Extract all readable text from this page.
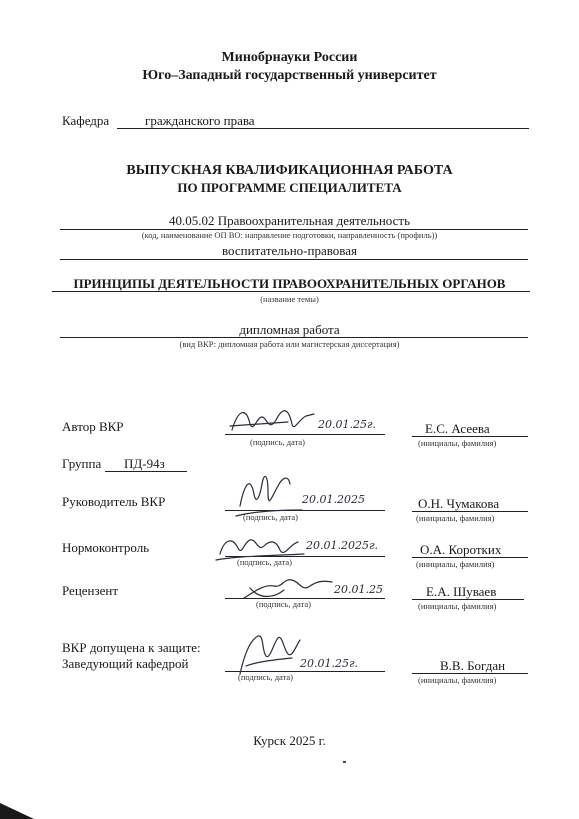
Минобрнауки России
Юго–Западный государственный университет
Кафедра	гражданского права
ВЫПУСКНАЯ КВАЛИФИКАЦИОННАЯ РАБОТА
ПО ПРОГРАММЕ СПЕЦИАЛИТЕТА
40.05.02 Правоохранительная деятельность
(код, наименование ОП ВО: направление подготовки, направленность (профиль))
воспитательно-правовая
ПРИНЦИПЫ ДЕЯТЕЛЬНОСТИ ПРАВООХРАНИТЕЛЬНЫХ ОРГАНОВ
(название темы)
дипломная работа
(вид ВКР: дипломная работа или магистерская диссертация)
Автор ВКР	20.01.25г.
(подпись, дата)
Е.С. Асеева
(инициалы, фамилия)
Группа ПД-94з
Руководитель ВКР	20.01.2025
(подпись, дата)
О.Н. Чумакова
(инициалы, фамилия)
Нормоконтроль	20.01.2025г.
(подпись, дата)
О.А. Коротких
(инициалы, фамилия)
Рецензент	20.01.25
(подпись, дата)
Е.А. Шуваев
(инициалы, фамилия)
ВКР допущена к защите:
Заведующий кафедрой	20.01.25г.
(подпись, дата)
В.В. Богдан
(инициалы, фамилия)
Курск 2025 г.
